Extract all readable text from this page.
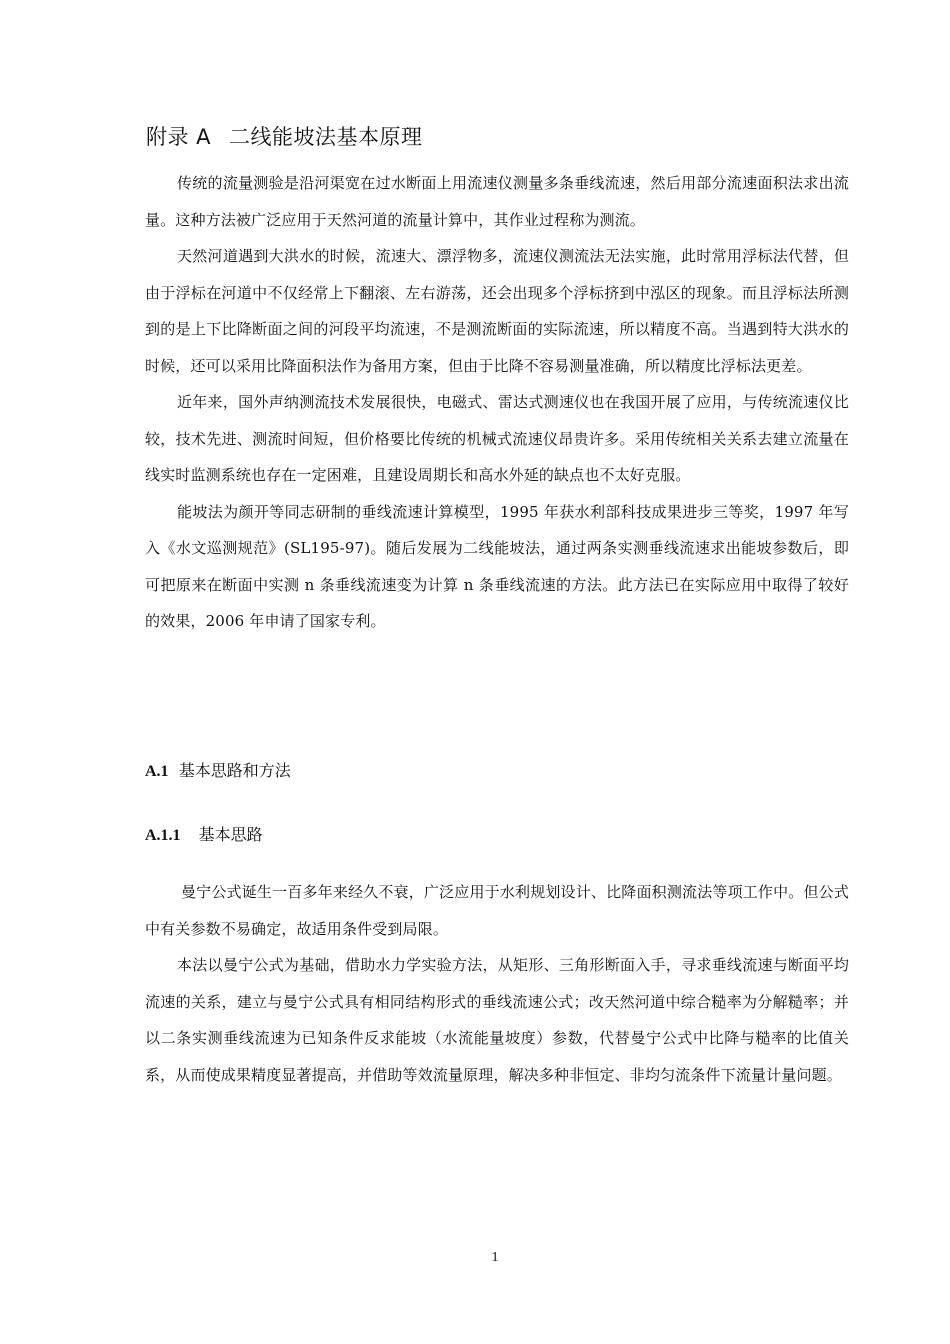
附录 A 二线能坡法基本原理

传统的流量测验是沿河渠宽在过水断面上用流速仪测量多条垂线流速，然后用部分流速面积法求出流量。这种方法被广泛应用于天然河道的流量计算中，其作业过程称为测流。

天然河道遇到大洪水的时候，流速大、漂浮物多，流速仪测流法无法实施，此时常用浮标法代替，但由于浮标在河道中不仅经常上下翻滚、左右游荡，还会出现多个浮标挤到中泓区的现象。而且浮标法所测到的是上下比降断面之间的河段平均流速，不是测流断面的实际流速，所以精度不高。当遇到特大洪水的时候，还可以采用比降面积法作为备用方案，但由于比降不容易测量准确，所以精度比浮标法更差。

近年来，国外声纳测流技术发展很快，电磁式、雷达式测速仪也在我国开展了应用，与传统流速仪比较，技术先进、测流时间短，但价格要比传统的机械式流速仪昂贵许多。采用传统相关关系去建立流量在线实时监测系统也存在一定困难，且建设周期长和高水外延的缺点也不太好克服。

能坡法为颜开等同志研制的垂线流速计算模型，1995 年获水利部科技成果进步三等奖，1997 年写入《水文巡测规范》(SL195-97)。随后发展为二线能坡法，通过两条实测垂线流速求出能坡参数后，即可把原来在断面中实测 n 条垂线流速变为计算 n 条垂线流速的方法。此方法已在实际应用中取得了较好的效果，2006 年申请了国家专利。

A.1 基本思路和方法
A.1.1 基本思路

曼宁公式诞生一百多年来经久不衰，广泛应用于水利规划设计、比降面积测流法等项工作中。但公式中有关参数不易确定，故适用条件受到局限。

本法以曼宁公式为基础，借助水力学实验方法，从矩形、三角形断面入手，寻求垂线流速与断面平均流速的关系，建立与曼宁公式具有相同结构形式的垂线流速公式；改天然河道中综合糙率为分解糙率；并以二条实测垂线流速为已知条件反求能坡（水流能量坡度）参数，代替曼宁公式中比降与糙率的比值关系，从而使成果精度显著提高，并借助等效流量原理，解决多种非恒定、非均匀流条件下流量计量问题。

1
